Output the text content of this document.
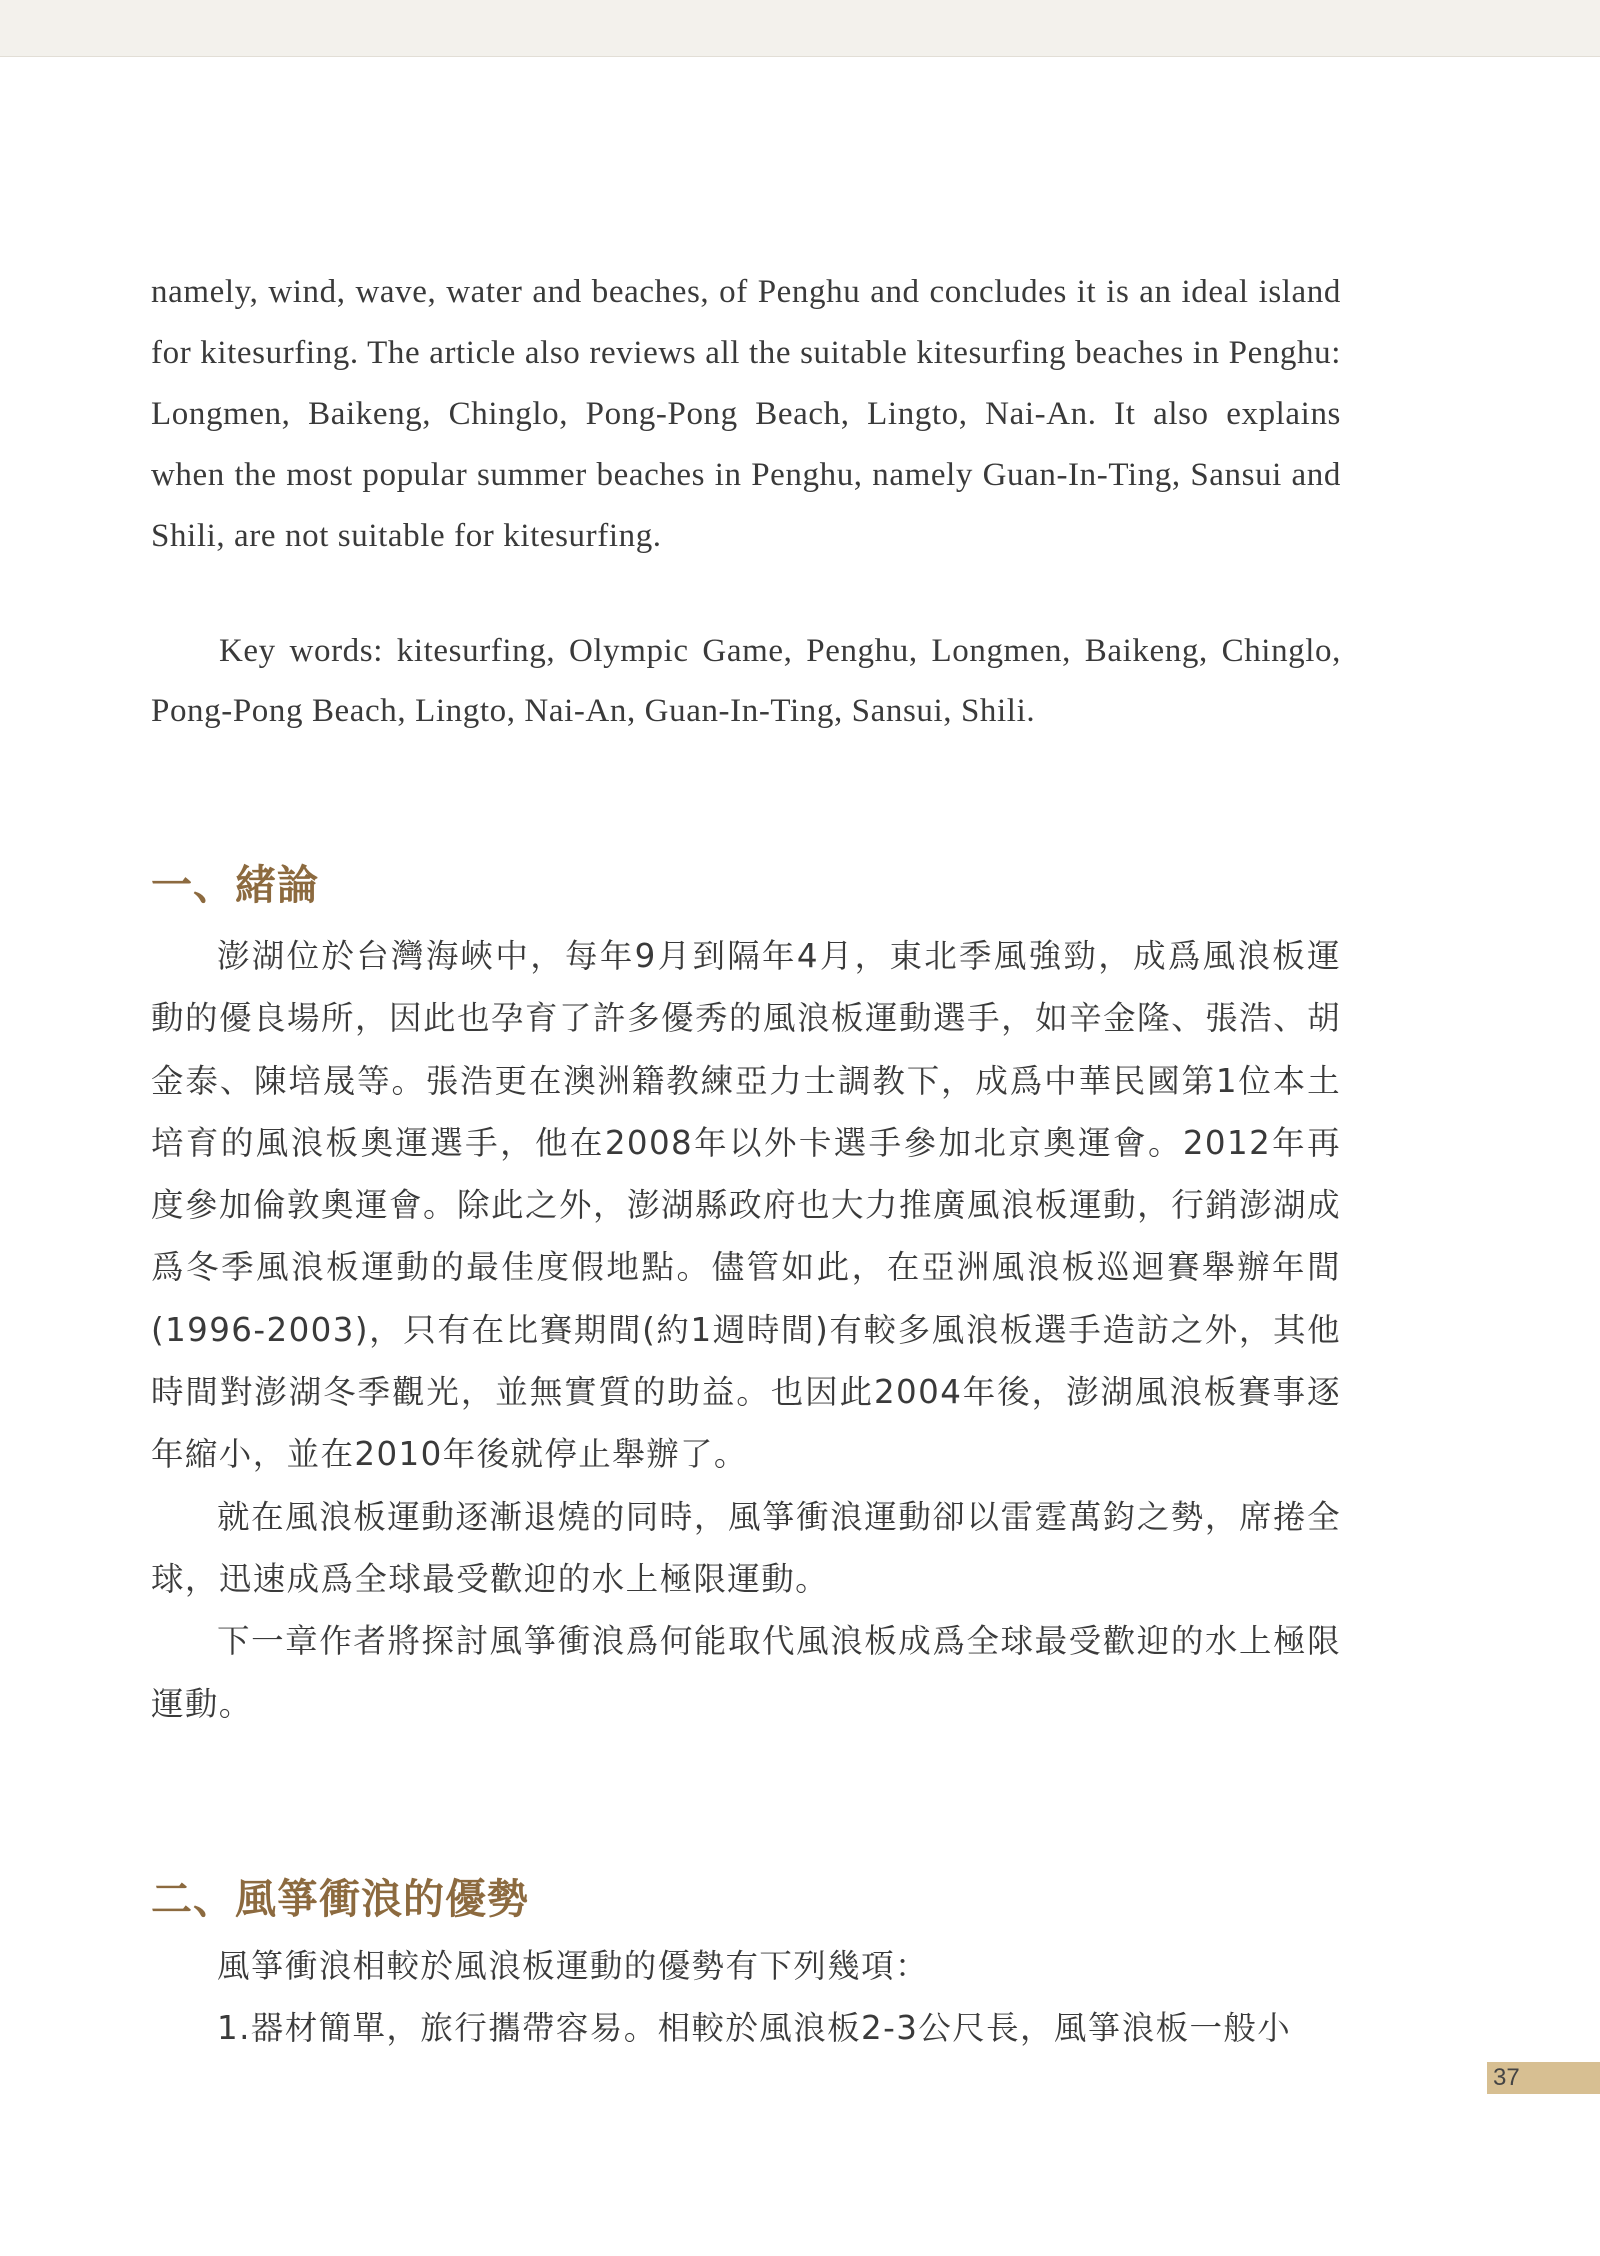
namely, wind, wave, water and beaches, of Penghu and concludes it is an ideal island for kitesurfing. The article also reviews all the suitable kitesurfing beaches in Penghu: Longmen, Baikeng, Chinglo, Pong-Pong Beach, Lingto, Nai-An. It also explains when the most popular summer beaches in Penghu, namely Guan-In-Ting, Sansui and Shili, are not suitable for kitesurfing.

Key words: kitesurfing, Olympic Game, Penghu, Longmen, Baikeng, Chinglo, Pong-Pong Beach, Lingto, Nai-An, Guan-In-Ting, Sansui, Shili.

一、緒論

澎湖位於台灣海峽中，每年9月到隔年4月，東北季風強勁，成爲風浪板運動的優良場所，因此也孕育了許多優秀的風浪板運動選手，如辛金隆、張浩、胡金泰、陳培晟等。張浩更在澳洲籍教練亞力士調教下，成爲中華民國第1位本土培育的風浪板奧運選手，他在2008年以外卡選手參加北京奧運會。2012年再度參加倫敦奧運會。除此之外，澎湖縣政府也大力推廣風浪板運動，行銷澎湖成爲冬季風浪板運動的最佳度假地點。儘管如此，在亞洲風浪板巡迴賽舉辦年間(1996-2003)，只有在比賽期間(約1週時間)有較多風浪板選手造訪之外，其他時間對澎湖冬季觀光，並無實質的助益。也因此2004年後，澎湖風浪板賽事逐年縮小，並在2010年後就停止舉辦了。

就在風浪板運動逐漸退燒的同時，風箏衝浪運動卻以雷霆萬鈞之勢，席捲全球，迅速成爲全球最受歡迎的水上極限運動。

下一章作者將探討風箏衝浪爲何能取代風浪板成爲全球最受歡迎的水上極限運動。

二、風箏衝浪的優勢

風箏衝浪相較於風浪板運動的優勢有下列幾項：

1.器材簡單，旅行攜帶容易。相較於風浪板2-3公尺長，風箏浪板一般小

37
